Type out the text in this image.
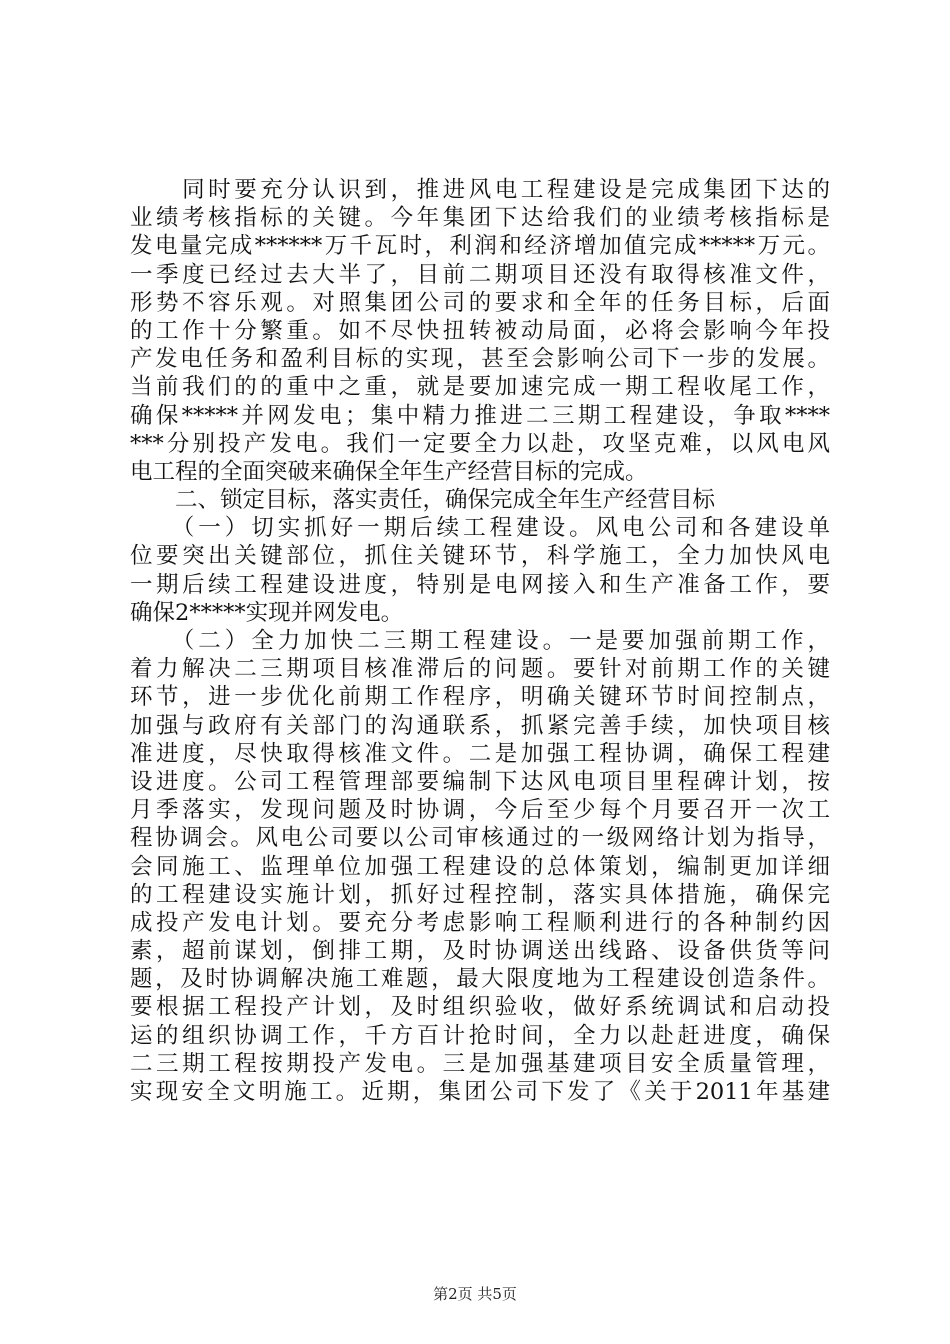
　　同时要充分认识到，推进风电工程建设是完成集团下达的
业绩考核指标的关键。今年集团下达给我们的业绩考核指标是
发电量完成******万千瓦时，利润和经济增加值完成*****万元。
一季度已经过去大半了，目前二期项目还没有取得核准文件，
形势不容乐观。对照集团公司的要求和全年的任务目标，后面
的工作十分繁重。如不尽快扭转被动局面，必将会影响今年投
产发电任务和盈利目标的实现，甚至会影响公司下一步的发展。
当前我们的的重中之重，就是要加速完成一期工程收尾工作，
确保*****并网发电；集中精力推进二三期工程建设，争取****
***分别投产发电。我们一定要全力以赴，攻坚克难，以风电风
电工程的全面突破来确保全年生产经营目标的完成。
　　二、锁定目标，落实责任，确保完成全年生产经营目标
　　（一）切实抓好一期后续工程建设。风电公司和各建设单
位要突出关键部位，抓住关键环节，科学施工，全力加快风电
一期后续工程建设进度，特别是电网接入和生产准备工作，要
确保2*****实现并网发电。
　　（二）全力加快二三期工程建设。一是要加强前期工作，
着力解决二三期项目核准滞后的问题。要针对前期工作的关键
环节，进一步优化前期工作程序，明确关键环节时间控制点，
加强与政府有关部门的沟通联系，抓紧完善手续，加快项目核
准进度，尽快取得核准文件。二是加强工程协调，确保工程建
设进度。公司工程管理部要编制下达风电项目里程碑计划，按
月季落实，发现问题及时协调，今后至少每个月要召开一次工
程协调会。风电公司要以公司审核通过的一级网络计划为指导，
会同施工、监理单位加强工程建设的总体策划，编制更加详细
的工程建设实施计划，抓好过程控制，落实具体措施，确保完
成投产发电计划。要充分考虑影响工程顺利进行的各种制约因
素，超前谋划，倒排工期，及时协调送出线路、设备供货等问
题，及时协调解决施工难题，最大限度地为工程建设创造条件。
要根据工程投产计划，及时组织验收，做好系统调试和启动投
运的组织协调工作，千方百计抢时间，全力以赴赶进度，确保
二三期工程按期投产发电。三是加强基建项目安全质量管理，
实现安全文明施工。近期，集团公司下发了《关于2011年基建
第2页 共5页
